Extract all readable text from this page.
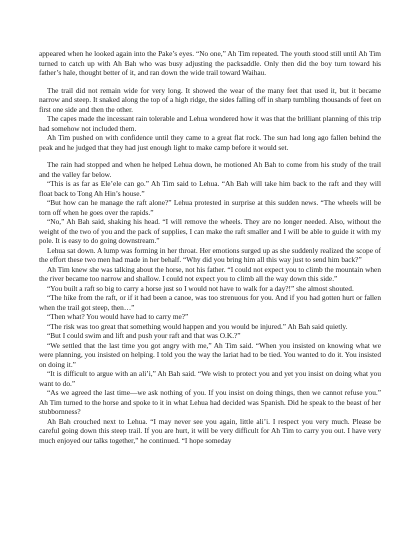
appeared when he looked again into the Pake’s eyes. “No one,” Ah Tim repeated. The youth stood still until Ah Tim turned to catch up with Ah Bah who was busy adjusting the packsaddle. Only then did the boy turn toward his father’s hale, thought better of it, and ran down the wide trail toward Waihau.

The trail did not remain wide for very long. It showed the wear of the many feet that used it, but it became narrow and steep. It snaked along the top of a high ridge, the sides falling off in sharp tumbling thousands of feet on first one side and then the other.

The capes made the incessant rain tolerable and Lehua wondered how it was that the brilliant planning of this trip had somehow not included them.

Ah Tim pushed on with confidence until they came to a great flat rock. The sun had long ago fallen behind the peak and he judged that they had just enough light to make camp before it would set.

The rain had stopped and when he helped Lehua down, he motioned Ah Bah to come from his study of the trail and the valley far below.

“This is as far as Ele’ele can go.” Ah Tim said to Lehua. “Ah Bah will take him back to the raft and they will float back to Tong Ah Hin’s house.”

“But how can he manage the raft alone?” Lehua protested in surprise at this sudden news. “The wheels will be torn off when he goes over the rapids.”

“No,” Ah Bah said, shaking his head. “I will remove the wheels. They are no longer needed. Also, without the weight of the two of you and the pack of supplies, I can make the raft smaller and I will be able to guide it with my pole. It is easy to do going downstream.”

Lehua sat down. A lump was forming in her throat. Her emotions surged up as she suddenly realized the scope of the effort these two men had made in her behalf. “Why did you bring him all this way just to send him back?”

Ah Tim knew she was talking about the horse, not his father. “I could not expect you to climb the mountain when the river became too narrow and shallow. I could not expect you to climb all the way down this side.”

“You built a raft so big to carry a horse just so I would not have to walk for a day?!” she almost shouted.

“The hike from the raft, or if it had been a canoe, was too strenuous for you. And if you had gotten hurt or fallen when the trail got steep, then…”

“Then what? You would have had to carry me?”

“The risk was too great that something would happen and you would be injured.” Ah Bah said quietly.

“But I could swim and lift and push your raft and that was O.K.?”

“We settled that the last time you got angry with me,” Ah Tim said. “When you insisted on knowing what we were planning, you insisted on helping. I told you the way the lariat had to be tied. You wanted to do it. You insisted on doing it.”

“It is difficult to argue with an ali’i,” Ah Bah said. “We wish to protect you and yet you insist on doing what you want to do.”

“As we agreed the last time—we ask nothing of you. If you insist on doing things, then we cannot refuse you.” Ah Tim turned to the horse and spoke to it in what Lehua had decided was Spanish. Did he speak to the beast of her stubbornness?

Ah Bah crouched next to Lehua. “I may never see you again, little ali’i. I respect you very much. Please be careful going down this steep trail. If you are hurt, it will be very difficult for Ah Tim to carry you out. I have very much enjoyed our talks together,” he continued. “I hope someday
